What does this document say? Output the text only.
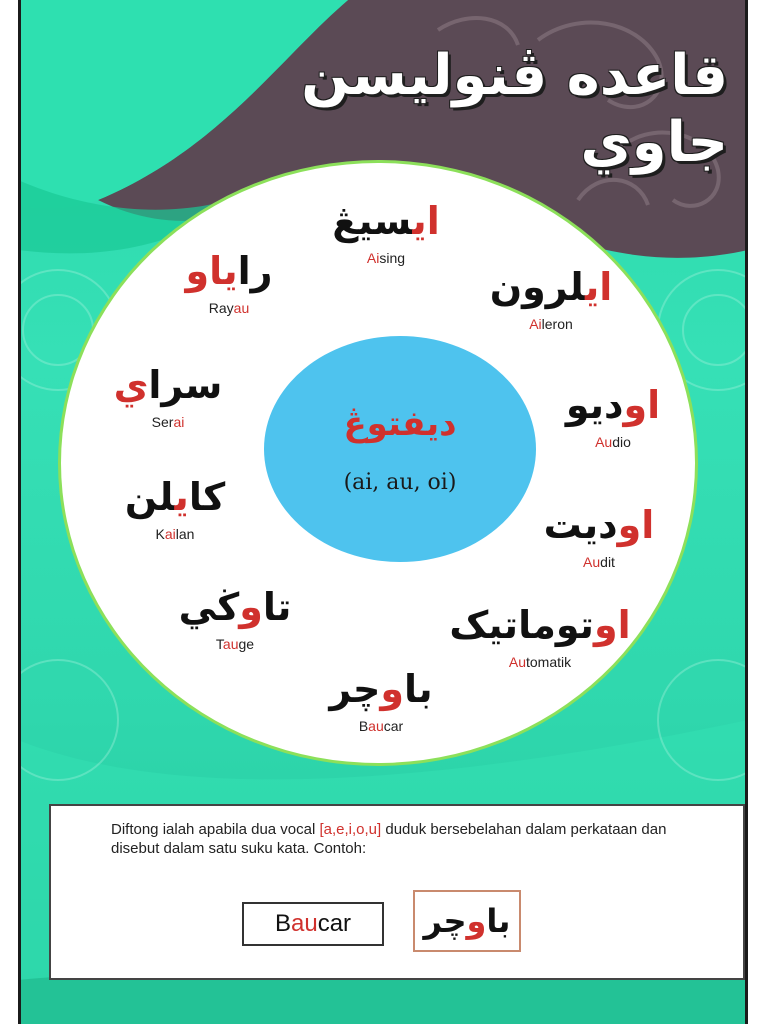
قاعده ڤنوليسن جاوي
ديفتوڠ
(ai, au, oi)
ايسيڠ
Aising
ايلرون
Aileron
اوديو
Audio
اوديت
Audit
اوتوماتيک
Automatik
باوچر
Baucar
تاوڬي
Tauge
کايلن
Kailan
سراي
Serai
راياو
Rayau
Diftong ialah apabila dua vocal [a,e,i,o,u] duduk bersebelahan dalam perkataan dan disebut dalam satu suku kata. Contoh:
Baucar	باوچر
